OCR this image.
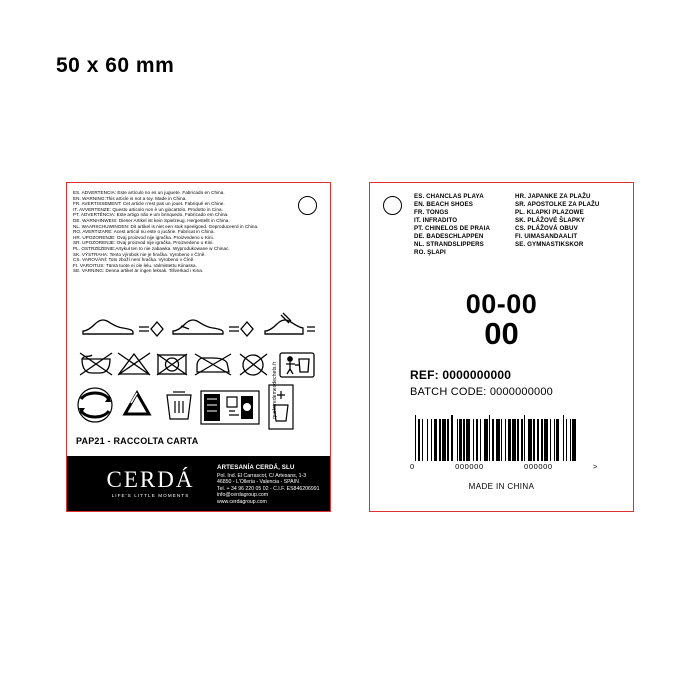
50 x 60 mm
ES. ADVERTENCIA: Este artículo no es un juguete. Fabricado en China.
EN. WARNING:This article is not a toy. Made in China.
FR. AVERTISSEMENT: Cet article n'est pas un jouet. Fabriqué en Chine.
IT. AVVERTENZE: Questo articolo non è un giocattolo. Prodotto in Cina.
PT. ADVERTÊNCIA: Este artigo não e um brinquedo. Fabricado em China.
DE. WARNHINWEIS: Dieser Artikel ist kein Spielzeug. Hergestellt in China.
NL. WAARSCHUWINGEN: Dit artikel is niet een stuk speelgoed. Geproduceerd in China.
RO. AVERTIZARE: Acest articol nu este o jucărie. Fabricat in China.
HR. UPOZORENJE: Ovaj proizvod nije igračka. Proizvedeno u Kini.
SR. UPOZORENJE: Ovaj proizvod nije igračka. Proizvedeno u Kini.
PL. OSTRZEŻENIE:Artykuł ten to nie zabawka. Wyprodukowane w Chinac.
SK. VÝSTRAHA: Tento výrobok nie je hračka. Vyrobeno v Číně.
CS. VAROVÁNÍ: Toto zboží není hračka. Vyrobeno v Číně.
FI. VAROITUS: Tämä tuote ei ole lelu. Valmistettu Kiinassa.
SE. VARNING: Denna artikel är ingen leksak. Tillverkad i Kina.
quefairedemesdechets.fr
PAP21 - RACCOLTA CARTA
CERDÁ
LIFE'S LITTLE MOMENTS
ARTESANÍA CERDÁ, SLU
Pol. Ind. El Carrascot, C/ Artesans, 1-3
46850 - L'Olleria - Valencia - SPAIN
Tel. + 34 96 220 05 02 - C.I.F. ES846206991
info@cerdagroup.com
www.cerdagroup.com
ES. CHANCLAS PLAYA
EN. BEACH SHOES
FR. TONGS
IT. INFRADITO
PT. CHINELOS DE PRAIA
DE. BADESCHLAPPEN
NL. STRANDSLIPPERS
RO. ŞLAPI
HR. JAPANKE ZA PLAŽU
SR. APOSTOLKE ZA PLAŽU
PL. KLAPKI PLAZOWE
SK. PLÁŽOVÉ ŠLAPKY
CS. PLÁŽOVÁ OBUV
FI. UIMASANDAALIT
SE. GYMNASTIKSKOR
00-00
00
REF: 0000000000
BATCH CODE: 0000000000
0	000000	000000	>
MADE IN CHINA
